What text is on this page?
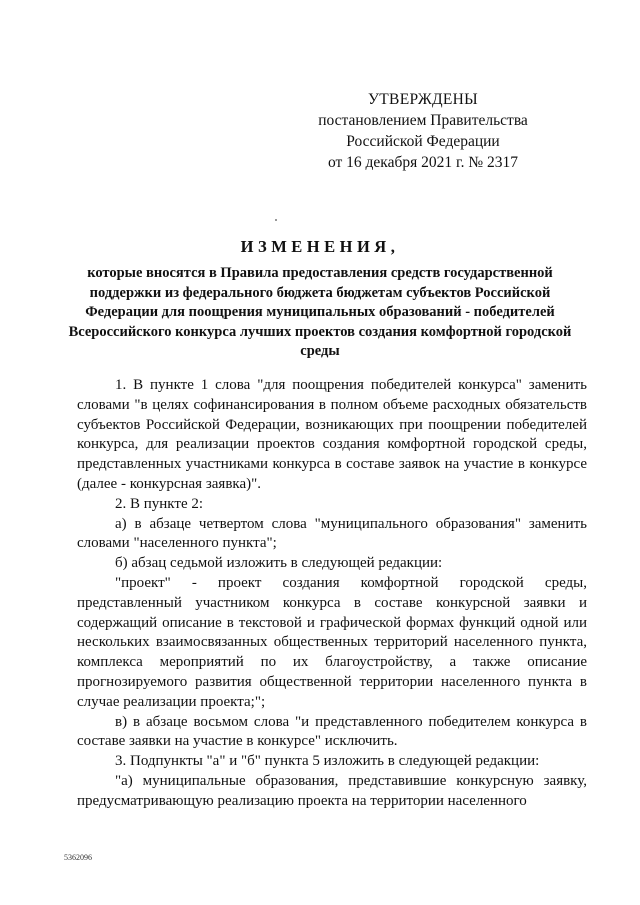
УТВЕРЖДЕНЫ
постановлением Правительства
Российской Федерации
от 16 декабря 2021 г. № 2317
ИЗМЕНЕНИЯ,
которые вносятся в Правила предоставления средств государственной поддержки из федерального бюджета бюджетам субъектов Российской Федерации для поощрения муниципальных образований - победителей Всероссийского конкурса лучших проектов создания комфортной городской среды

1. В пункте 1 слова "для поощрения победителей конкурса" заменить словами "в целях софинансирования в полном объеме расходных обязательств субъектов Российской Федерации, возникающих при поощрении победителей конкурса, для реализации проектов создания комфортной городской среды, представленных участниками конкурса в составе заявок на участие в конкурсе (далее - конкурсная заявка)".

2. В пункте 2:

а) в абзаце четвертом слова "муниципального образования" заменить словами "населенного пункта";

б) абзац седьмой изложить в следующей редакции:

"проект" - проект создания комфортной городской среды, представленный участником конкурса в составе конкурсной заявки и содержащий описание в текстовой и графической формах функций одной или нескольких взаимосвязанных общественных территорий населенного пункта, комплекса мероприятий по их благоустройству, а также описание прогнозируемого развития общественной территории населенного пункта в случае реализации проекта;";

в) в абзаце восьмом слова "и представленного победителем конкурса в составе заявки на участие в конкурсе" исключить.

3. Подпункты "а" и "б" пункта 5 изложить в следующей редакции:

"а) муниципальные образования, представившие конкурсную заявку, предусматривающую реализацию проекта на территории населенного

5362096
